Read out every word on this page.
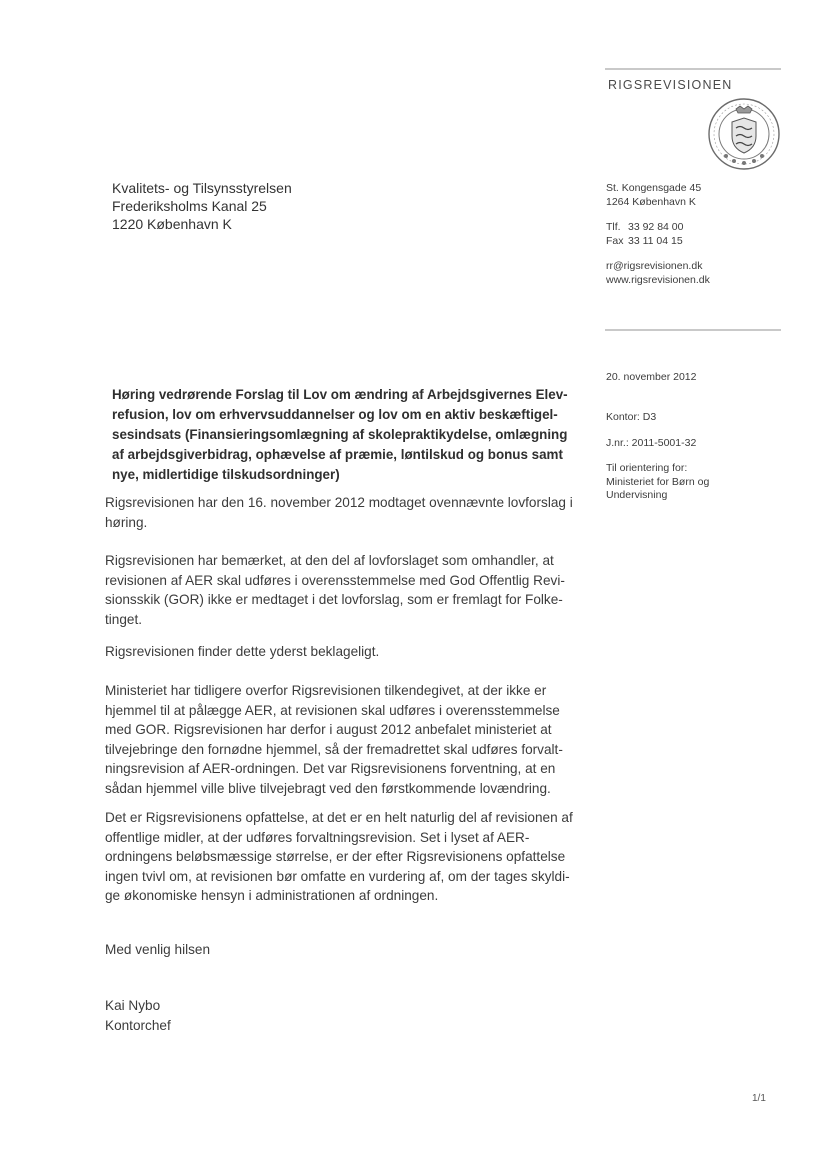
RIGSREVISIONEN
Kvalitets- og Tilsynsstyrelsen
Frederiksholms Kanal 25
1220 København K
St. Kongensgade 45
1264 København K
Tlf. 33 92 84 00
Fax 33 11 04 15
rr@rigsrevisionen.dk
www.rigsrevisionen.dk
20. november 2012
Kontor: D3
J.nr.: 2011-5001-32
Til orientering for:
Ministeriet for Børn og
Undervisning
Høring vedrørende Forslag til Lov om ændring af Arbejdsgivernes Elev-
refusion, lov om erhvervsuddannelser og lov om en aktiv beskæftigel-
sesindsats (Finansieringsomlægning af skolepraktikydelse, omlægning
af arbejdsgiverbidrag, ophævelse af præmie, løntilskud og bonus samt
nye, midlertidige tilskudsordninger)
Rigsrevisionen har den 16. november 2012 modtaget ovennævnte lovforslag i
høring.
Rigsrevisionen har bemærket, at den del af lovforslaget som omhandler, at
revisionen af AER skal udføres i overensstemmelse med God Offentlig Revi-
sionsskik (GOR) ikke er medtaget i det lovforslag, som er fremlagt for Folke-
tinget.
Rigsrevisionen finder dette yderst beklageligt.
Ministeriet har tidligere overfor Rigsrevisionen tilkendegivet, at der ikke er
hjemmel til at pålægge AER, at revisionen skal udføres i overensstemmelse
med GOR. Rigsrevisionen har derfor i august 2012 anbefalet ministeriet at
tilvejebringe den fornødne hjemmel, så der fremadrettet skal udføres forvalt-
ningsrevision af AER-ordningen. Det var Rigsrevisionens forventning, at en
sådan hjemmel ville blive tilvejebragt ved den førstkommende lovændring.
Det er Rigsrevisionens opfattelse, at det er en helt naturlig del af revisionen af
offentlige midler, at der udføres forvaltningsrevision. Set i lyset af AER-
ordningens beløbsmæssige størrelse, er der efter Rigsrevisionens opfattelse
ingen tvivl om, at revisionen bør omfatte en vurdering af, om der tages skyldi-
ge økonomiske hensyn i administrationen af ordningen.
Med venlig hilsen
Kai Nybo
Kontorchef
1/1
